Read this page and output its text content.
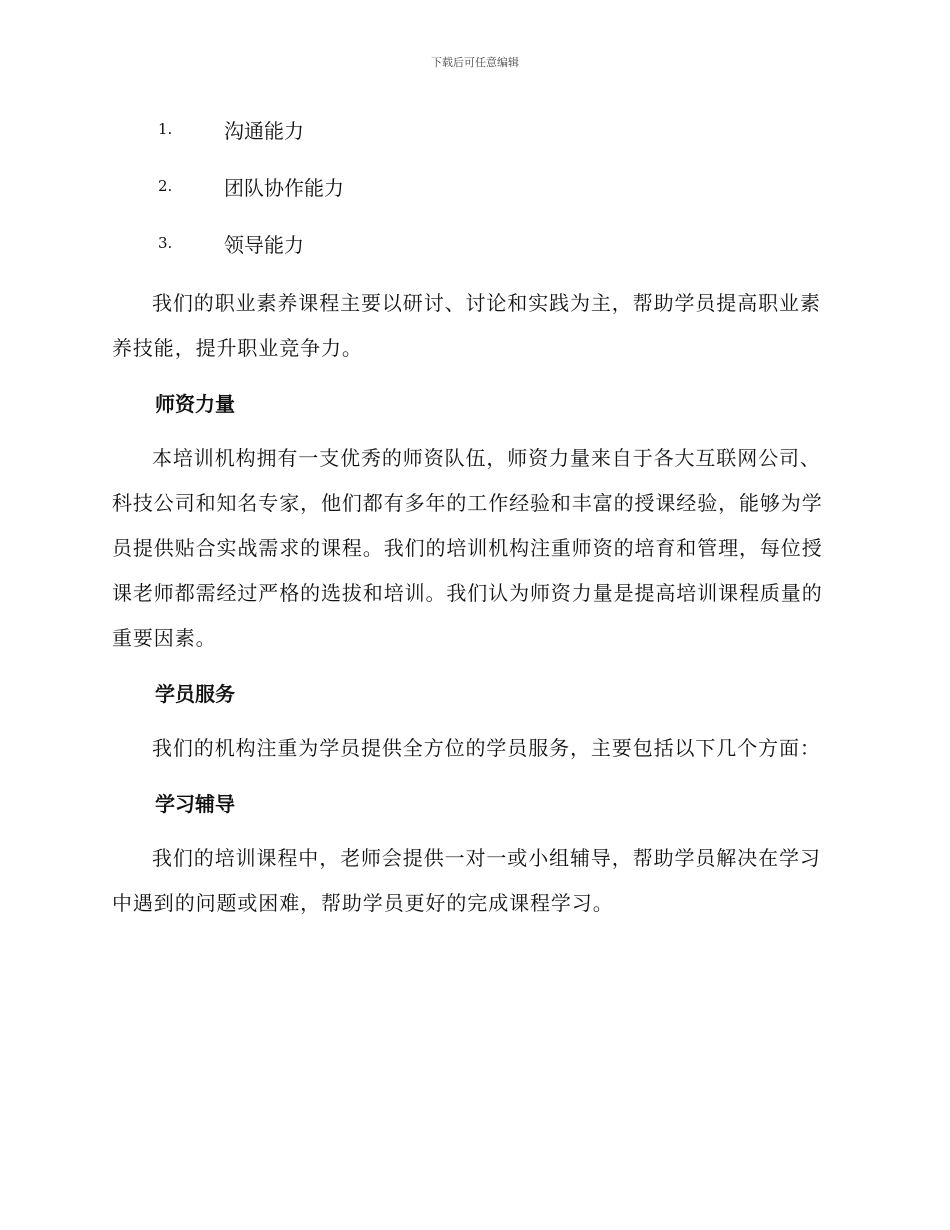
下载后可任意编辑
1.	沟通能力
2.	团队协作能力
3.	领导能力

我们的职业素养课程主要以研讨、讨论和实践为主，帮助学员提高职业素养技能，提升职业竞争力。

师资力量

本培训机构拥有一支优秀的师资队伍，师资力量来自于各大互联网公司、科技公司和知名专家，他们都有多年的工作经验和丰富的授课经验，能够为学员提供贴合实战需求的课程。我们的培训机构注重师资的培育和管理，每位授课老师都需经过严格的选拔和培训。我们认为师资力量是提高培训课程质量的重要因素。

学员服务

我们的机构注重为学员提供全方位的学员服务，主要包括以下几个方面：

学习辅导

我们的培训课程中，老师会提供一对一或小组辅导，帮助学员解决在学习中遇到的问题或困难，帮助学员更好的完成课程学习。
